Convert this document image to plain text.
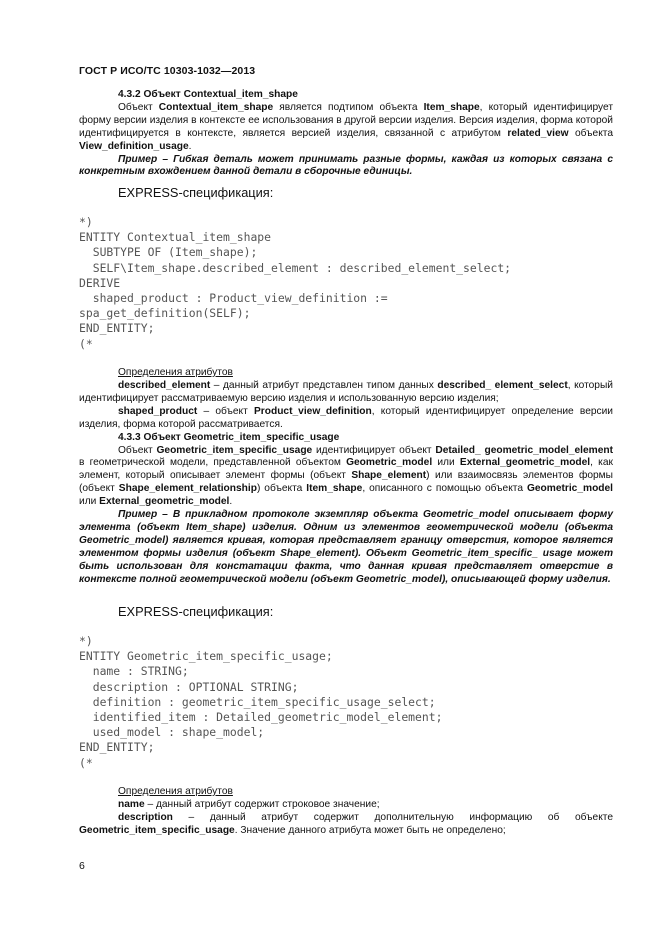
ГОСТ Р ИСО/ТС 10303-1032—2013

4.3.2 Объект Contextual_item_shape

Объект Contextual_item_shape является подтипом объекта Item_shape, который идентифицирует форму версии изделия в контексте ее использования в другой версии изделия. Версия изделия, форма которой идентифицируется в контексте, является версией изделия, связанной с атрибутом related_view объекта View_definition_usage.

Пример – Гибкая деталь может принимать разные формы, каждая из которых связана с конкретным вхождением данной детали в сборочные единицы.

EXPRESS-спецификация:
*)
ENTITY Contextual_item_shape
SUBTYPE OF (Item_shape);
SELF\Item_shape.described_element : described_element_select;
DERIVE
shaped_product : Product_view_definition :=
spa_get_definition(SELF);
END_ENTITY;
(*
Определения атрибутов

described_element – данный атрибут представлен типом данных described_ element_select, который идентифицирует рассматриваемую версию изделия и использованную версию изделия;

shaped_product – объект Product_view_definition, который идентифицирует определение версии изделия, форма которой рассматривается.

4.3.3 Объект Geometric_item_specific_usage

Объект Geometric_item_specific_usage идентифицирует объект Detailed_ geometric_model_element в геометрической модели, представленной объектом Geometric_model или External_geometric_model, как элемент, который описывает элемент формы (объект Shape_element) или взаимосвязь элементов формы (объект Shape_element_relationship) объекта Item_shape, описанного с помощью объекта Geometric_model или External_geometric_model.

Пример – В прикладном протоколе экземпляр объекта Geometric_model описывает форму элемента (объект Item_shape) изделия. Одним из элементов геометрической модели (объекта Geometric_model) является кривая, которая представляет границу отверстия, которое является элементом формы изделия (объект Shape_element). Объект Geometric_item_specific_ usage может быть использован для констатации факта, что данная кривая представляет отверстие в контексте полной геометрической модели (объект Geometric_model), описывающей форму изделия.

EXPRESS-спецификация:
*)
ENTITY Geometric_item_specific_usage;
name : STRING;
description : OPTIONAL STRING;
definition : geometric_item_specific_usage_select;
identified_item : Detailed_geometric_model_element;
used_model : shape_model;
END_ENTITY;
(*
Определения атрибутов

name – данный атрибут содержит строковое значение;

description – данный атрибут содержит дополнительную информацию об объекте Geometric_item_specific_usage. Значение данного атрибута может быть не определено;

6
